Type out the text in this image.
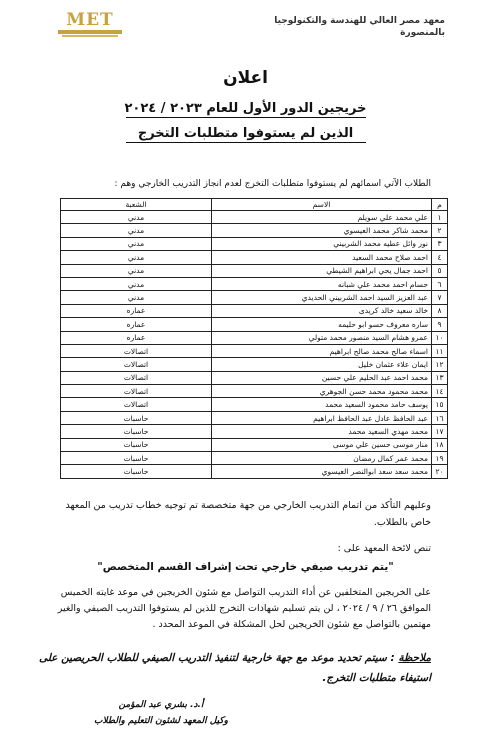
معهد مصر العالي للهندسة والتكنولوجيا
بالمنصورة
MET
اعلان
خريجين الدور الأول للعام ٢٠٢٣ / ٢٠٢٤
الذين لم يستوفوا متطلبات التخرج
الطلاب الآتي اسمائهم لم يستوفوا متطلبات التخرج لعدم انجاز التدريب الخارجي وهم :
م	الاسم	الشعبة
١	علي محمد علي سويلم	مدني
٢	محمد شاكر محمد العيسوي	مدني
٣	نور وائل عطيه محمد الشربيني	مدني
٤	احمد صلاح محمد السعيد	مدني
٥	احمد جمال يحي ابراهيم الشيطي	مدني
٦	حسام احمد محمد علي شبانه	مدني
٧	عبد العزيز السيد احمد الشربيني الحديدي	مدني
٨	خالد سعيد خالد كريدى	عماره
٩	ساره معروف حسو ابو حليمه	عماره
١٠	عمرو هشام السيد منصور محمد متولي	عماره
١١	اسماء صالح محمد صالح ابراهيم	اتصالات
١٢	ايمان علاء عثمان خليل	اتصالات
١٣	محمد احمد عبد الحليم علي حسين	اتصالات
١٤	محمد محمود محمد حسن الجوهري	اتصالات
١٥	يوسف حامد محمود السعيد محمد	اتصالات
١٦	عبد الحافظ عادل عبد الحافظ ابراهيم	حاسبات
١٧	محمد مهدي السعيد محمد	حاسبات
١٨	منار موسى حسين علي موسى	حاسبات
١٩	محمد عمر كمال رمضان	حاسبات
٢٠	محمد سعد سعد ابوالنصر العيسوي	حاسبات
وعليهم التأكد من اتمام التدريب الخارجي من جهة متخصصة تم توجيه خطاب تدريب من المعهد خاص بالطلاب.
تنص لائحة المعهد على :
"يتم تدريب صيفي خارجي تحت إشراف القسم المتخصص"
على الخريجين المتخلفين عن أداء التدريب التواصل مع شئون الخريجين في موعد غايته الخميس الموافق ٢٦ / ٩ / ٢٠٢٤ ، لن يتم تسليم شهادات التخرج للذين لم يستوفوا التدريب الصيفي والغير مهتمين بالتواصل مع شئون الخريجين لحل المشكلة في الموعد المحدد .
ملاحظة : سيتم تحديد موعد مع جهة خارجية لتنفيذ التدريب الصيفي للطلاب الحريصين على استيفاء متطلبات التخرج.
أ.د. بشري عبد المؤمن
وكيل المعهد لشئون التعليم والطلاب
